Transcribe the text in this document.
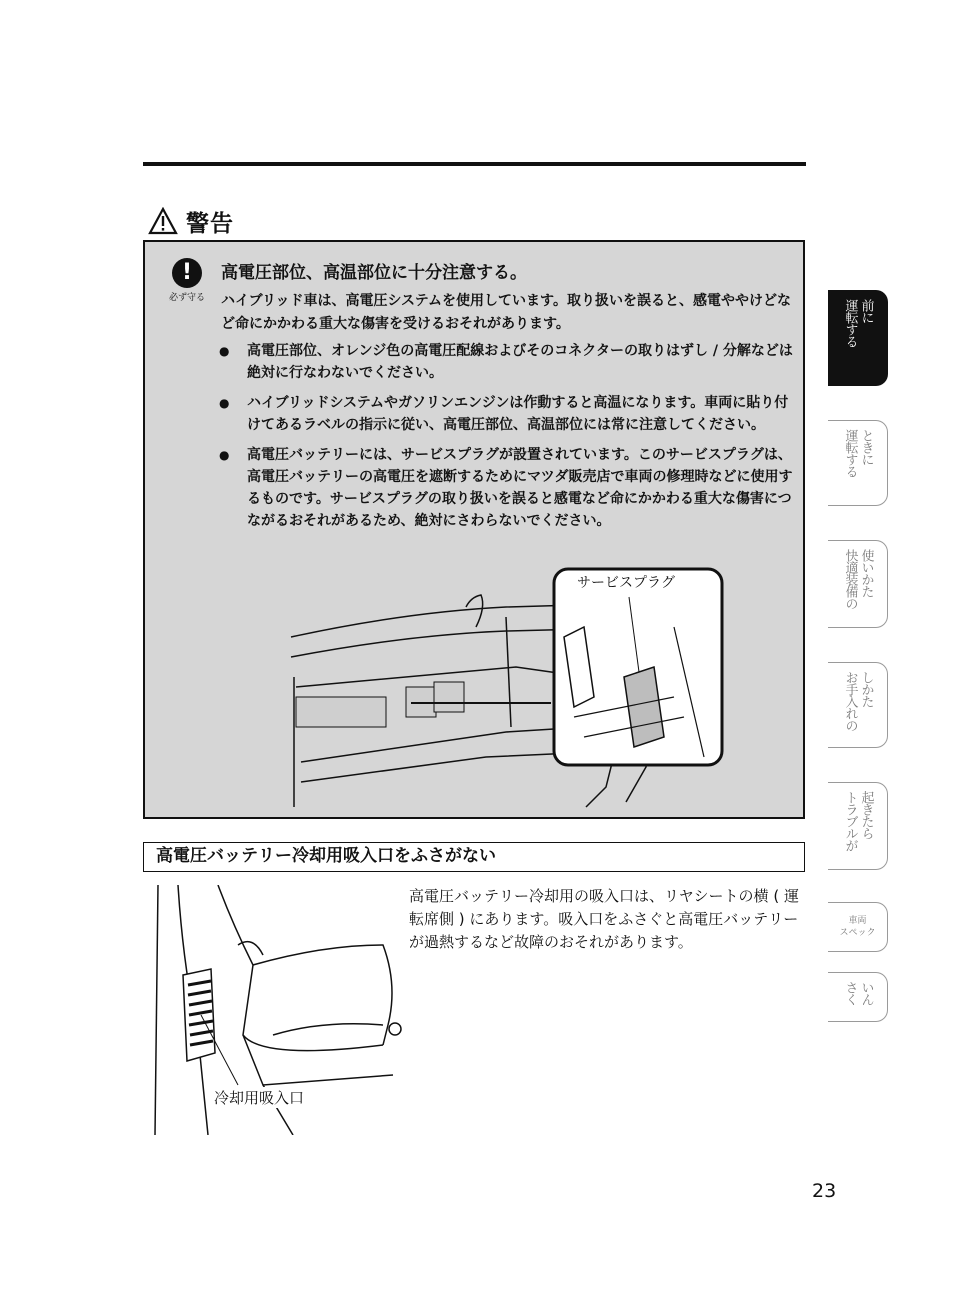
警告
!
必ず守る
高電圧部位、高温部位に十分注意する。
ハイブリッド車は、高電圧システムを使用しています。取り扱いを誤ると、感電ややけどなど命にかかわる重大な傷害を受けるおそれがあります。
● 高電圧部位、オレンジ色の高電圧配線およびそのコネクターの取りはずし / 分解などは絶対に行なわないでください。
● ハイブリッドシステムやガソリンエンジンは作動すると高温になります。車両に貼り付けてあるラベルの指示に従い、高電圧部位、高温部位には常に注意してください。
● 高電圧バッテリーには、サービスプラグが設置されています。このサービスプラグは、高電圧バッテリーの高電圧を遮断するためにマツダ販売店で車両の修理時などに使用するものです。サービスプラグの取り扱いを誤ると感電など命にかかわる重大な傷害につながるおそれがあるため、絶対にさわらないでください。
サービスプラグ
高電圧バッテリー冷却用吸入口をふさがない
冷却用吸入口
高電圧バッテリー冷却用の吸入口は、リヤシートの横 ( 運転席側 ) にあります。吸入口をふさぐと高電圧バッテリーが過熱するなど故障のおそれがあります。
23
運転する 前に
運転する ときに
快適装備の 使いかた
お手入れの しかた
トラブルが 起きたら
車両
スペック
さく いん
